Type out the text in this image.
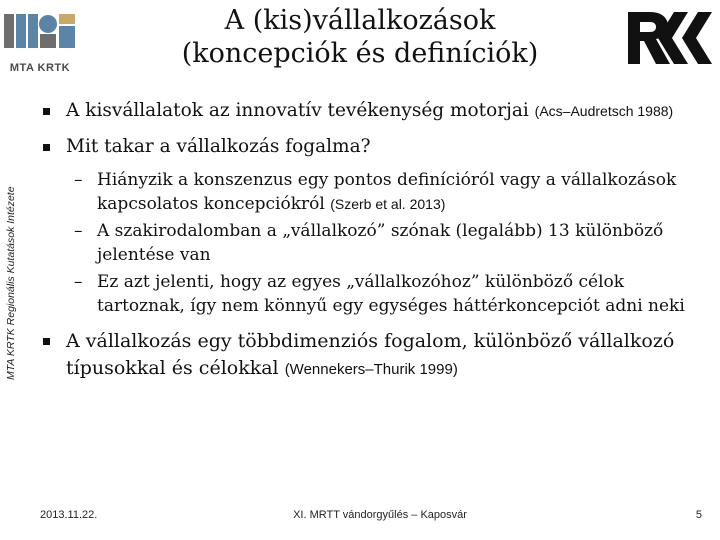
MTA KRTK
A (kis)vállalkozások
(koncepciók és definíciók)
MTA KRTK Regionális Kutatások Intézete
A kisvállalatok az innovatív tevékenység motorjai (Acs–Audretsch 1988)
Mit takar a vállalkozás fogalma?
– Hiányzik a konszenzus egy pontos definícióról vagy a vállalkozások kapcsolatos koncepciókról (Szerb et al. 2013)
– A szakirodalomban a „vállalkozó” szónak (legalább) 13 különböző jelentése van
– Ez azt jelenti, hogy az egyes „vállalkozóhoz” különböző célok tartoznak, így nem könnyű egy egységes háttérkoncepciót adni neki
A vállalkozás egy többdimenziós fogalom, különböző vállalkozó típusokkal és célokkal (Wennekers–Thurik 1999)
2013.11.22.	XI. MRTT vándorgyűlés – Kaposvár	5
